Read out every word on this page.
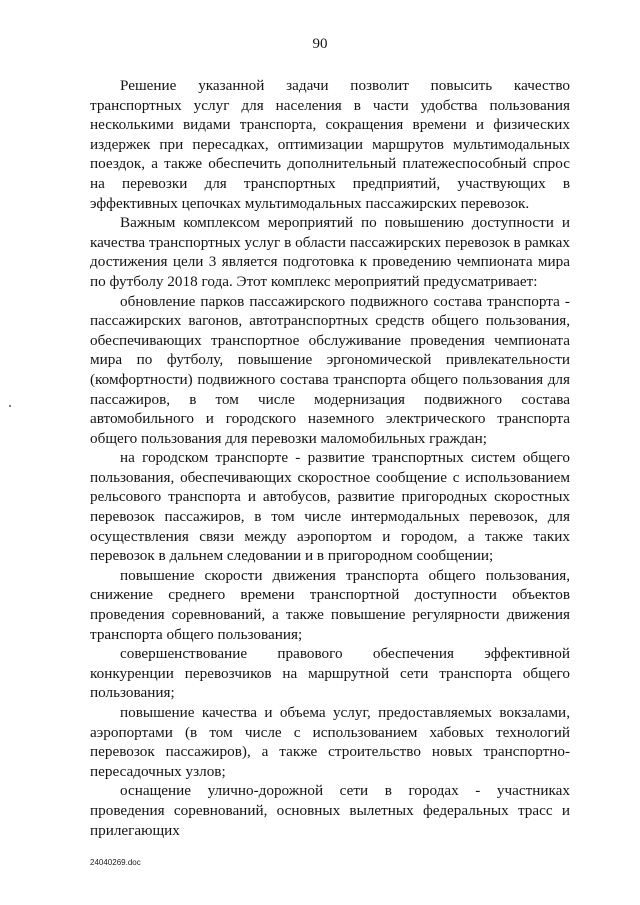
90

Решение указанной задачи позволит повысить качество транспортных услуг для населения в части удобства пользования несколькими видами транспорта, сокращения времени и физических издержек при пересадках, оптимизации маршрутов мультимодальных поездок, а также обеспечить дополнительный платежеспособный спрос на перевозки для транспортных предприятий, участвующих в эффективных цепочках мультимодальных пассажирских перевозок.

Важным комплексом мероприятий по повышению доступности и качества транспортных услуг в области пассажирских перевозок в рамках достижения цели 3 является подготовка к проведению чемпионата мира по футболу 2018 года. Этот комплекс мероприятий предусматривает:

обновление парков пассажирского подвижного состава транспорта - пассажирских вагонов, автотранспортных средств общего пользования, обеспечивающих транспортное обслуживание проведения чемпионата мира по футболу, повышение эргономической привлекательности (комфортности) подвижного состава транспорта общего пользования для пассажиров, в том числе модернизация подвижного состава автомобильного и городского наземного электрического транспорта общего пользования для перевозки маломобильных граждан;

на городском транспорте - развитие транспортных систем общего пользования, обеспечивающих скоростное сообщение с использованием рельсового транспорта и автобусов, развитие пригородных скоростных перевозок пассажиров, в том числе интермодальных перевозок, для осуществления связи между аэропортом и городом, а также таких перевозок в дальнем следовании и в пригородном сообщении;

повышение скорости движения транспорта общего пользования, снижение среднего времени транспортной доступности объектов проведения соревнований, а также повышение регулярности движения транспорта общего пользования;

совершенствование правового обеспечения эффективной конкуренции перевозчиков на маршрутной сети транспорта общего пользования;

повышение качества и объема услуг, предоставляемых вокзалами, аэропортами (в том числе с использованием хабовых технологий перевозок пассажиров), а также строительство новых транспортно-пересадочных узлов;

оснащение улично-дорожной сети в городах - участниках проведения соревнований, основных вылетных федеральных трасс и прилегающих

24040269.doc
